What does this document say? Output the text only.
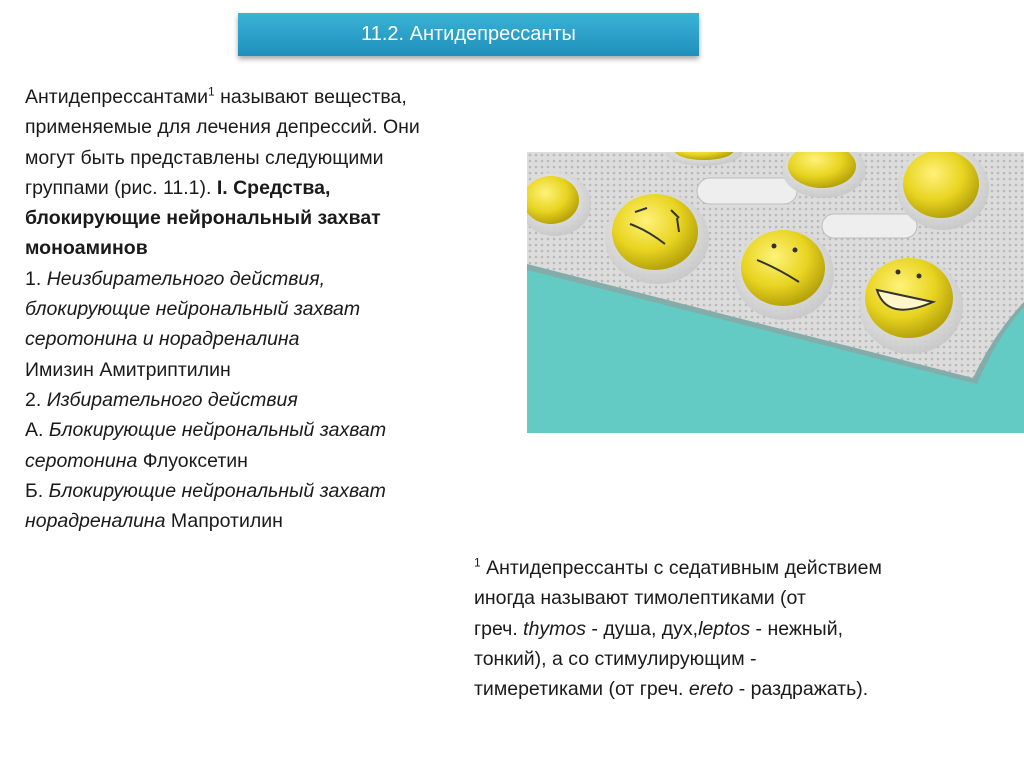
11.2. Антидепрессанты

Антидепрессантами$^1$ называют вещества,

применяемые для лечения депрессий. Они

могут быть представлены следующими

группами (рис. 11.1). I. Средства,

блокирующие нейрональный захват

моноаминов

1. Неизбирательного действия,

блокирующие нейрональный захват

серотонина и норадреналина

Имизин Амитриптилин

2. Избирательного действия

А. Блокирующие нейрональный захват

серотонина Флуоксетин

Б. Блокирующие нейрональный захват

норадреналина Мапротилин

$^1$ Антидепрессанты с седативным действием

иногда называют тимолептиками (от

греч. thymos - душа, дух,leptos - нежный,

тонкий), а со стимулирующим -

тимеретиками (от греч. ereto - раздражать).
